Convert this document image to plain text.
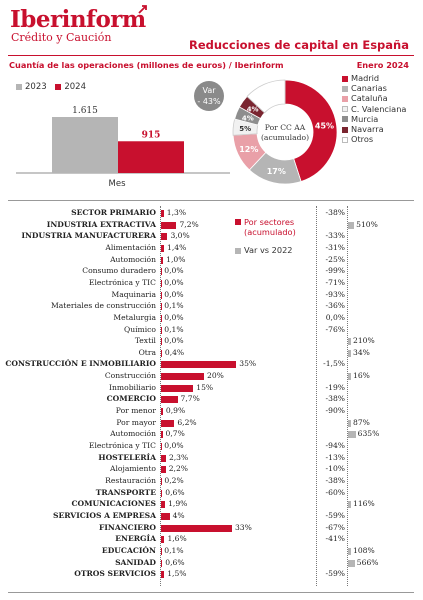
Iberinform
Crédito y Caución
Reducciones de capital en España
Cuantía de las operaciones (millones de euros) / Iberinform	Enero 2024
2023 2024
1.615
915
Mes
Var
- 43%
45%
17%
12%
5%
4%
4%
Por CC AA
(acumulado)
Madrid
Canarias
Cataluña
C. Valenciana
Murcia
Navarra
Otros
Por sectores (acumulado)
Var vs 2022
SECTOR PRIMARIO 1,3%	-38%
INDUSTRIA EXTRACTIVA	7,2%	510%
INDUSTRIA MANUFACTURERA 3,0%	-33%
Alimentación 1,4%	-31%
Automoción 1,0%	-25%
Consumo duradero 0,0%	-99%
Electrónica y TIC 0,0%	-71%
Maquinaria 0,0%	-93%
Materiales de construcción 0,1%	-36%
Metalurgia 0,0%	0,0%
Químico 0,1%	-76%
Textil 0,0%	210%
Otra 0,4%	34%
CONSTRUCCIÓN E INMOBILIARIO	35%	-1,5%
Construcción	20%	16%
Inmobiliario	15%	-19%
COMERCIO	7,7%	-38%
Por menor 0,9%	-90%
Por mayor	6,2%	87%
Automoción 0,7%	635%
Electrónica y TIC 0,0%	-94%
HOSTELERÍA 2,3%	-13%
Alojamiento 2,2%	-10%
Restauración 0,2%	-38%
TRANSPORTE 0,6%	-60%
COMUNICACIONES 1,9%	116%
SERVICIOS A EMPRESA 4%	-59%
FINANCIERO	33%	-67%
ENERGÍA 1,6%	-41%
EDUCACIÓN 0,1%	108%
SANIDAD 0,6%	566%
OTROS SERVICIOS 1,5%	-59%
